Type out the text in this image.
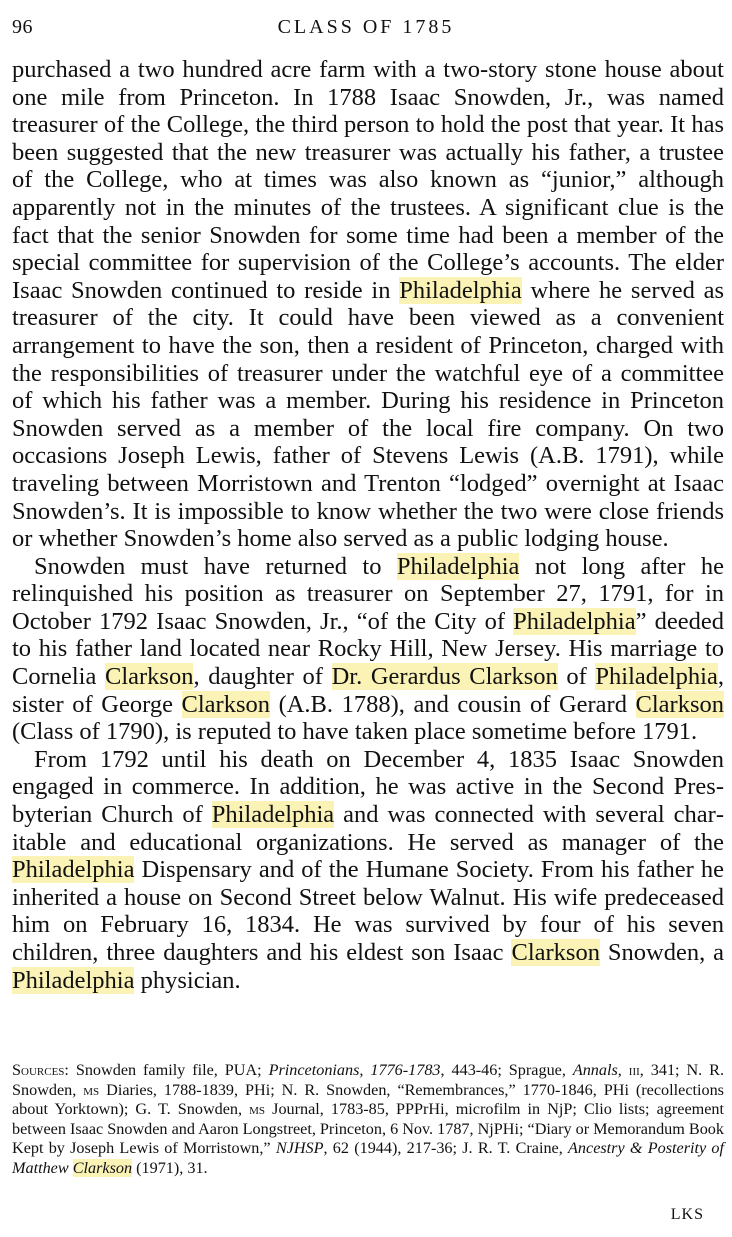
96	CLASS OF 1785

purchased a two hundred acre farm with a two-story stone house about one mile from Princeton. In 1788 Isaac Snowden, Jr., was named treasurer of the College, the third person to hold the post that year. It has been suggested that the new treasurer was actually his father, a trustee of the College, who at times was also known as “junior,” although apparently not in the minutes of the trustees. A significant clue is the fact that the senior Snowden for some time had been a member of the special committee for supervision of the College’s accounts. The elder Isaac Snowden continued to reside in Philadelphia where he served as treasurer of the city. It could have been viewed as a convenient arrangement to have the son, then a resident of Princeton, charged with the responsibilities of treasurer under the watchful eye of a committee of which his father was a member. During his residence in Princeton Snowden served as a member of the local fire company. On two occasions Joseph Lewis, father of Stevens Lewis (A.B. 1791), while traveling between Morristown and Trenton “lodged” overnight at Isaac Snowden’s. It is impossible to know whether the two were close friends or whether Snowden’s home also served as a public lodging house.

Snowden must have returned to Philadelphia not long after he relinquished his position as treasurer on September 27, 1791, for in October 1792 Isaac Snowden, Jr., “of the City of Philadelphia” deeded to his father land located near Rocky Hill, New Jersey. His marriage to Cornelia Clarkson, daughter of Dr. Gerardus Clarkson of Philadelphia, sister of George Clarkson (A.B. 1788), and cousin of Gerard Clarkson (Class of 1790), is reputed to have taken place sometime before 1791.

From 1792 until his death on December 4, 1835 Isaac Snowden engaged in commerce. In addition, he was active in the Second Presbyterian Church of Philadelphia and was connected with several charitable and educational organizations. He served as manager of the Philadelphia Dispensary and of the Humane Society. From his father he inherited a house on Second Street below Walnut. His wife predeceased him on February 16, 1834. He was survived by four of his seven children, three daughters and his eldest son Isaac Clarkson Snowden, a Philadelphia physician.

Sources: Snowden family file, PUA; Princetonians, 1776-1783, 443-46; Sprague, Annals, iii, 341; N. R. Snowden, ms Diaries, 1788-1839, PHi; N. R. Snowden, “Remembrances,” 1770-1846, PHi (recollections about Yorktown); G. T. Snowden, ms Journal, 1783-85, PPPrHi, microfilm in NjP; Clio lists; agreement between Isaac Snowden and Aaron Longstreet, Princeton, 6 Nov. 1787, NjPHi; “Diary or Memorandum Book Kept by Joseph Lewis of Morristown,” NJHSP, 62 (1944), 217-36; J. R. T. Craine, Ancestry & Posterity of Matthew Clarkson (1971), 31.

LKS
